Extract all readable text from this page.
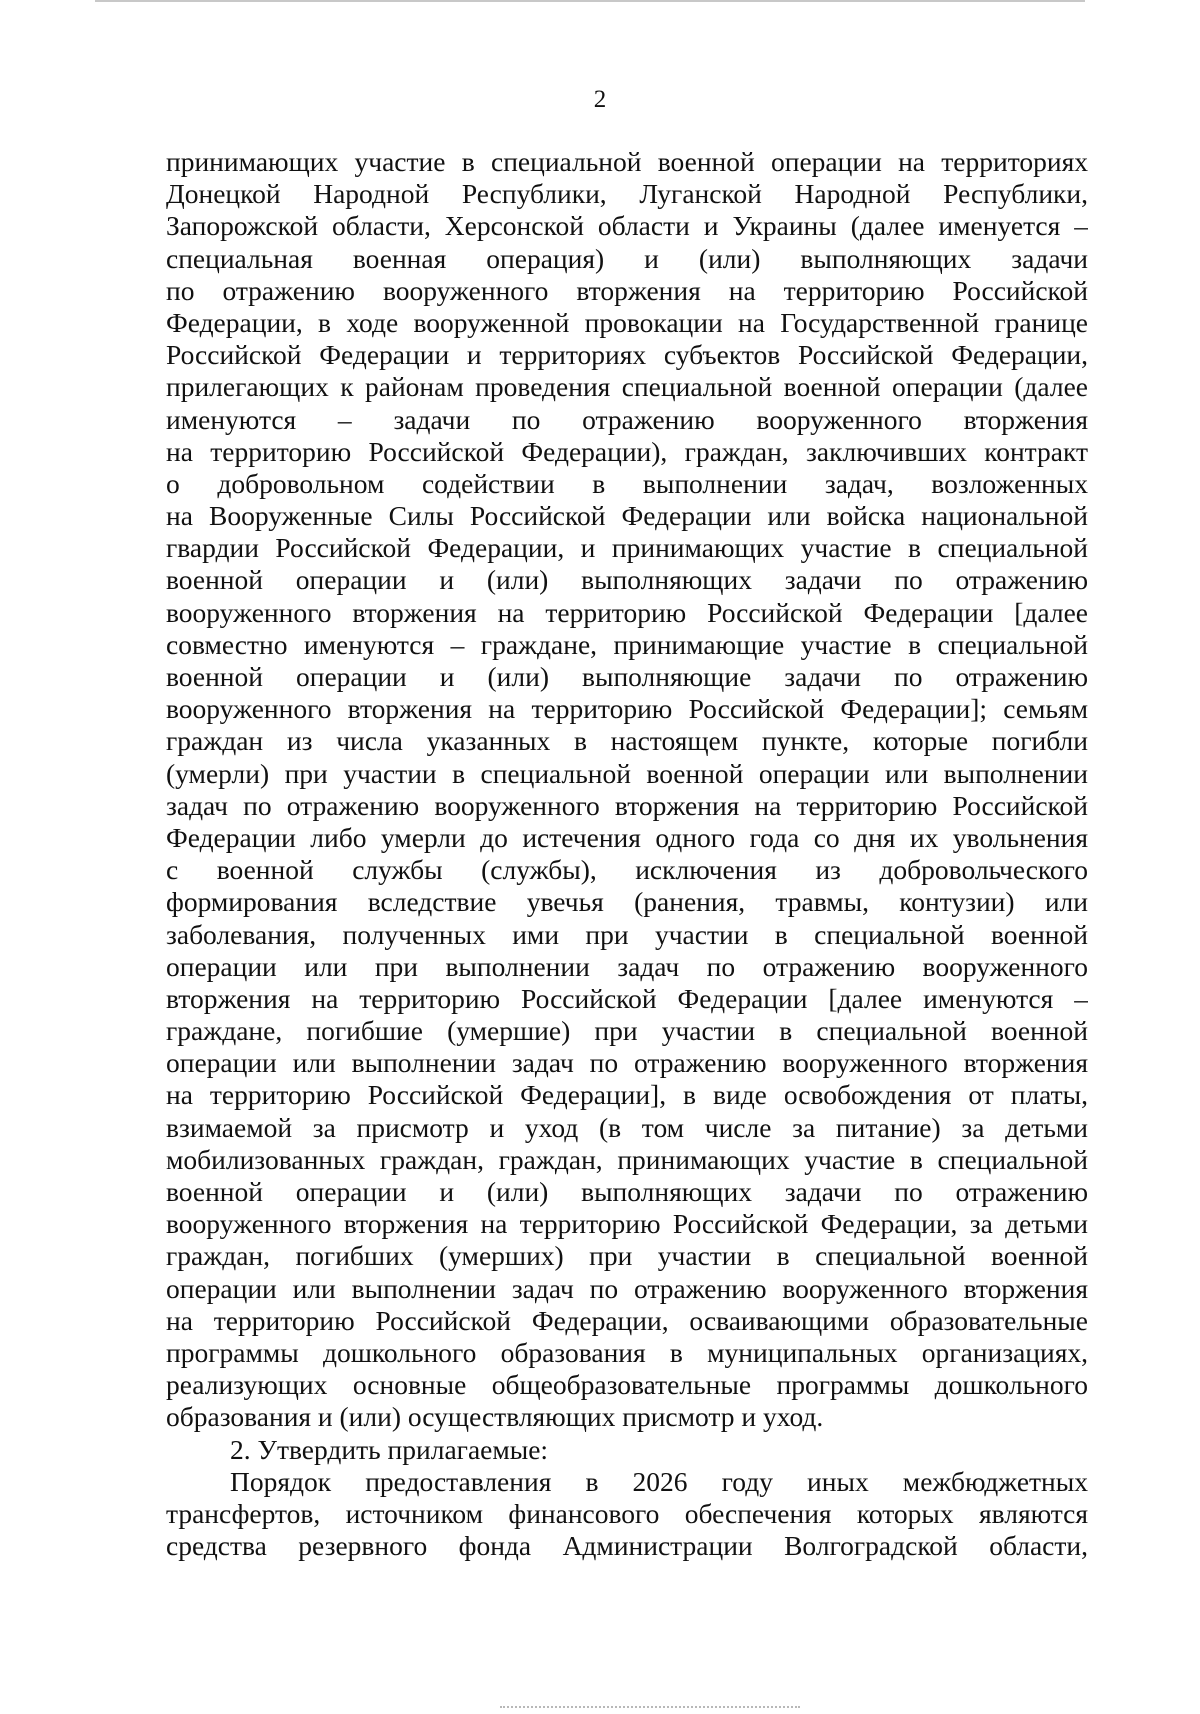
2
принимающих участие в специальной военной операции на территориях
Донецкой Народной Республики, Луганской Народной Республики,
Запорожской области, Херсонской области и Украины (далее именуется –
специальная военная операция) и (или) выполняющих задачи
по отражению вооруженного вторжения на территорию Российской
Федерации, в ходе вооруженной провокации на Государственной границе
Российской Федерации и территориях субъектов Российской Федерации,
прилегающих к районам проведения специальной военной операции (далее
именуются – задачи по отражению вооруженного вторжения
на территорию Российской Федерации), граждан, заключивших контракт
о добровольном содействии в выполнении задач, возложенных
на Вооруженные Силы Российской Федерации или войска национальной
гвардии Российской Федерации, и принимающих участие в специальной
военной операции и (или) выполняющих задачи по отражению
вооруженного вторжения на территорию Российской Федерации [далее
совместно именуются – граждане, принимающие участие в специальной
военной операции и (или) выполняющие задачи по отражению
вооруженного вторжения на территорию Российской Федерации]; семьям
граждан из числа указанных в настоящем пункте, которые погибли
(умерли) при участии в специальной военной операции или выполнении
задач по отражению вооруженного вторжения на территорию Российской
Федерации либо умерли до истечения одного года со дня их увольнения
с военной службы (службы), исключения из добровольческого
формирования вследствие увечья (ранения, травмы, контузии) или
заболевания, полученных ими при участии в специальной военной
операции или при выполнении задач по отражению вооруженного
вторжения на территорию Российской Федерации [далее именуются –
граждане, погибшие (умершие) при участии в специальной военной
операции или выполнении задач по отражению вооруженного вторжения
на территорию Российской Федерации], в виде освобождения от платы,
взимаемой за присмотр и уход (в том числе за питание) за детьми
мобилизованных граждан, граждан, принимающих участие в специальной
военной операции и (или) выполняющих задачи по отражению
вооруженного вторжения на территорию Российской Федерации, за детьми
граждан, погибших (умерших) при участии в специальной военной
операции или выполнении задач по отражению вооруженного вторжения
на территорию Российской Федерации, осваивающими образовательные
программы дошкольного образования в муниципальных организациях,
реализующих основные общеобразовательные программы дошкольного
образования и (или) осуществляющих присмотр и уход.
2. Утвердить прилагаемые:
Порядок предоставления в 2026 году иных межбюджетных
трансфертов, источником финансового обеспечения которых являются
средства резервного фонда Администрации Волгоградской области,
